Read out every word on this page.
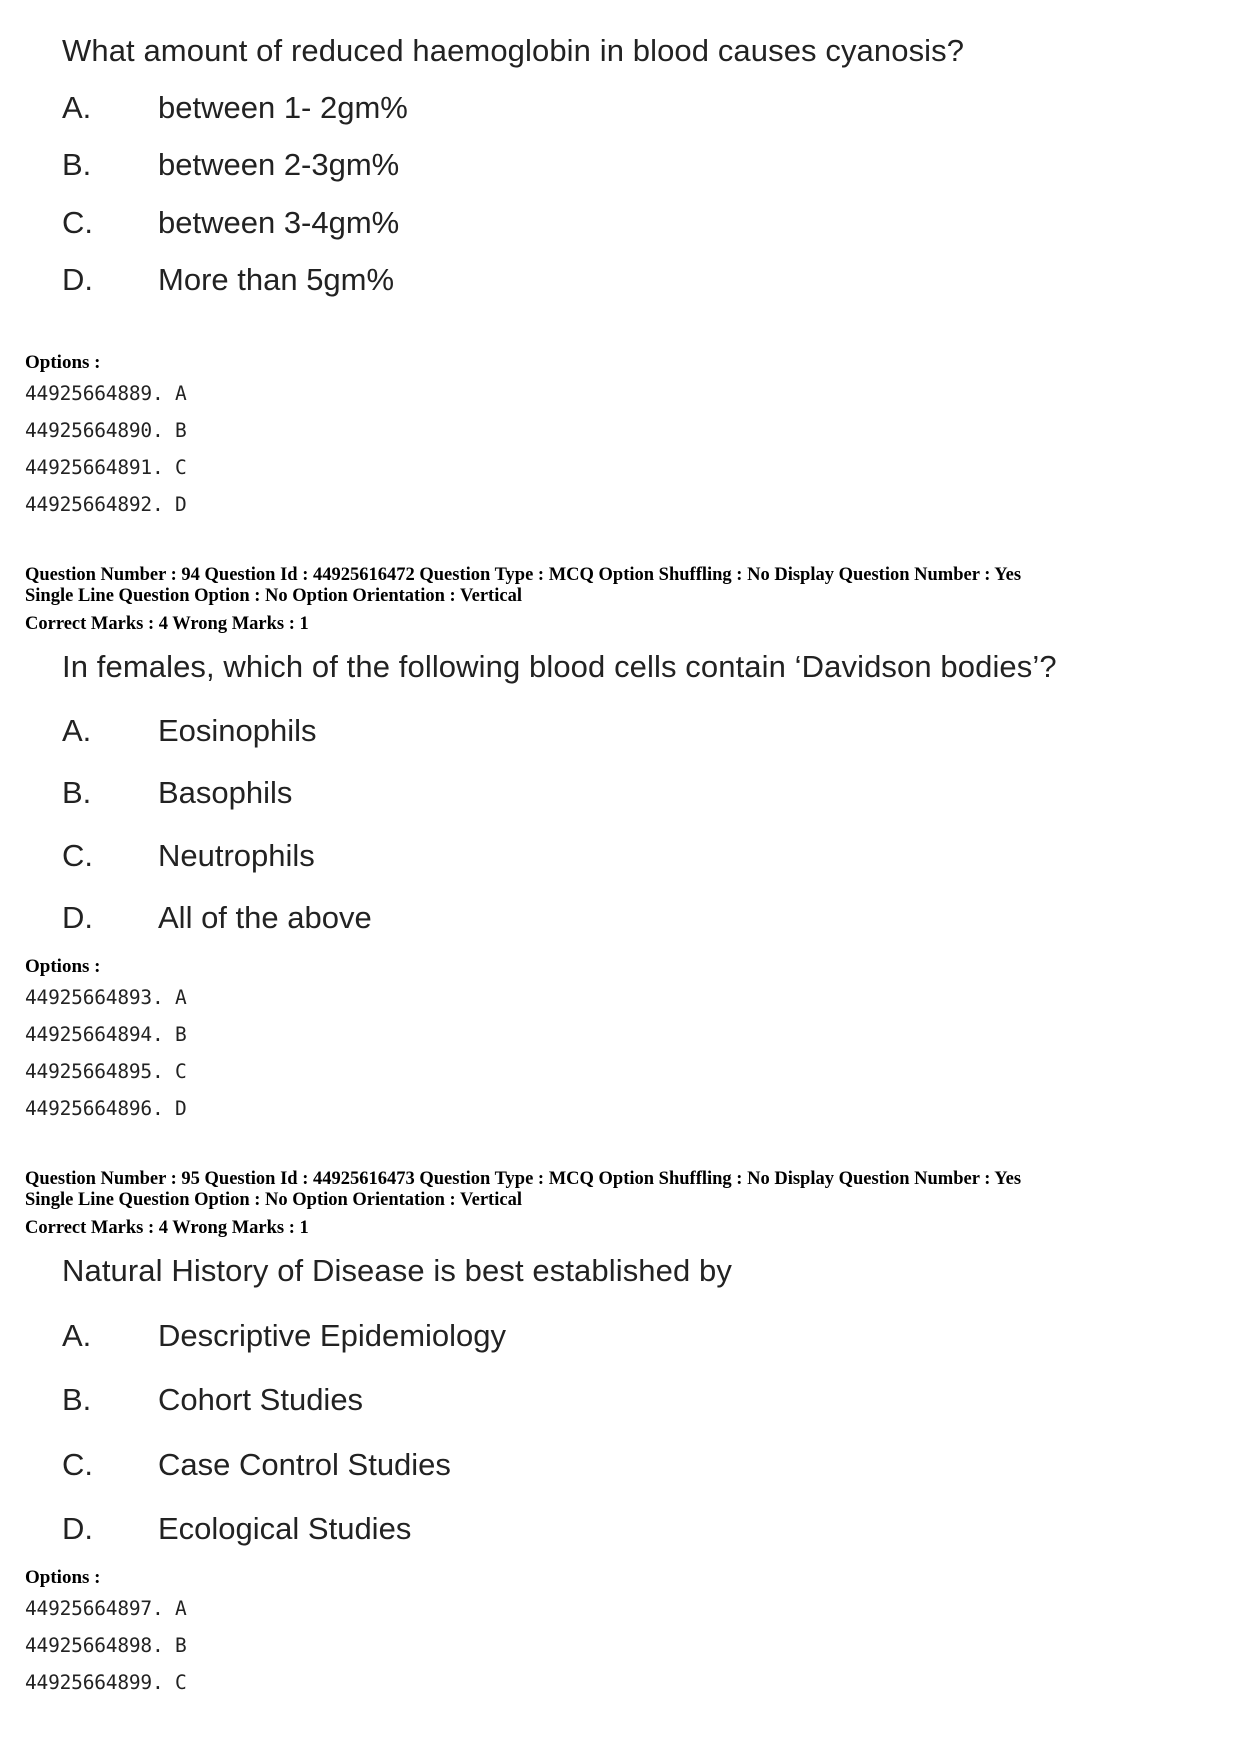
What amount of reduced haemoglobin in blood causes cyanosis?
A. between 1- 2gm%
B. between 2-3gm%
C. between 3-4gm%
D. More than 5gm%
Options :
44925664889. A
44925664890. B
44925664891. C
44925664892. D
Question Number : 94 Question Id : 44925616472 Question Type : MCQ Option Shuffling : No Display Question Number : Yes
Single Line Question Option : No Option Orientation : Vertical
Correct Marks : 4 Wrong Marks : 1
In females, which of the following blood cells contain ‘Davidson bodies’?
A. Eosinophils
B. Basophils
C. Neutrophils
D. All of the above
Options :
44925664893. A
44925664894. B
44925664895. C
44925664896. D
Question Number : 95 Question Id : 44925616473 Question Type : MCQ Option Shuffling : No Display Question Number : Yes
Single Line Question Option : No Option Orientation : Vertical
Correct Marks : 4 Wrong Marks : 1
Natural History of Disease is best established by
A. Descriptive Epidemiology
B. Cohort Studies
C. Case Control Studies
D. Ecological Studies
Options :
44925664897. A
44925664898. B
44925664899. C
